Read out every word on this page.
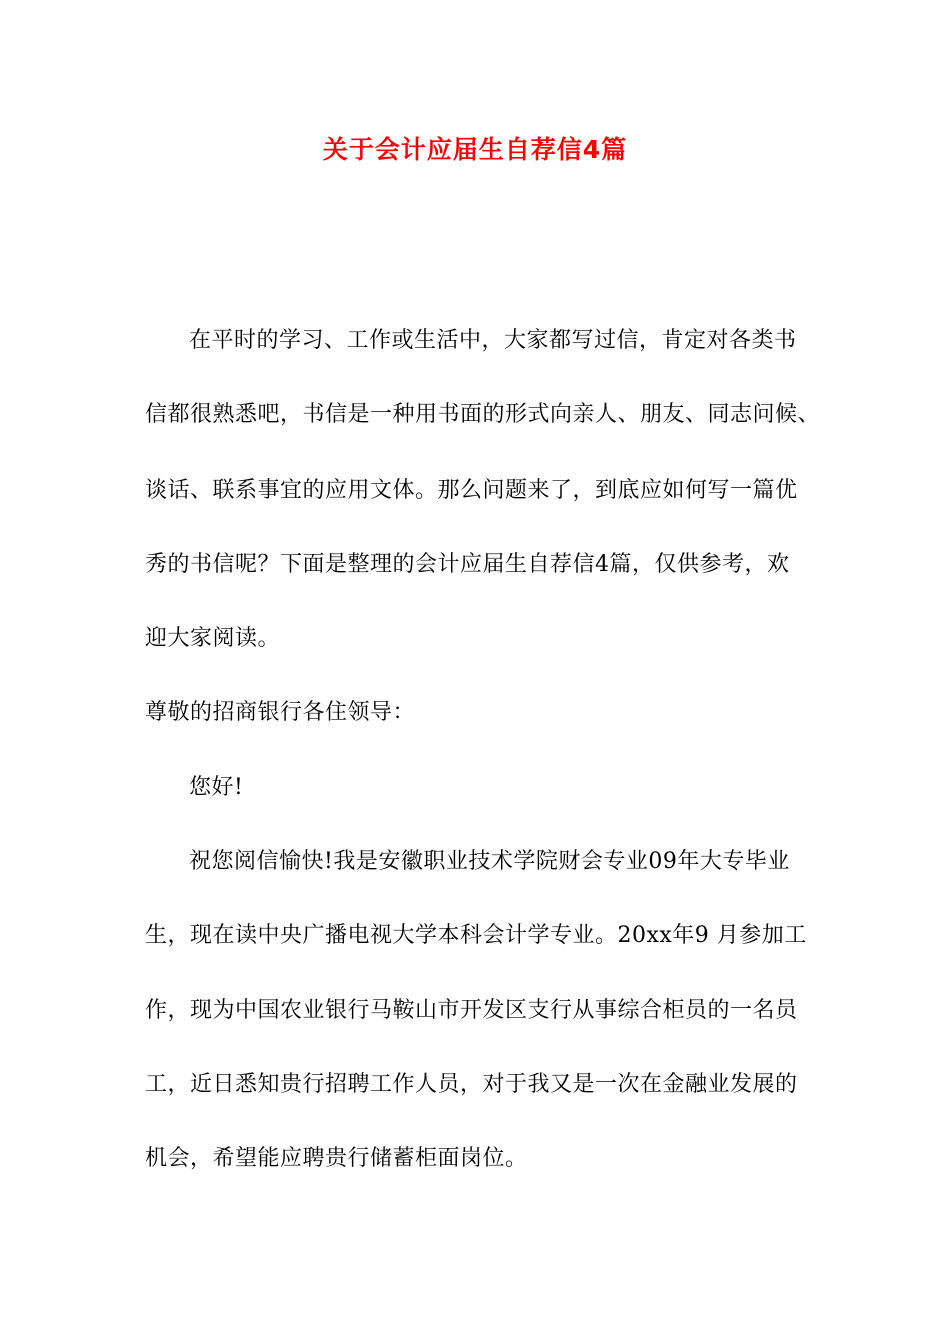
关于会计应届生自荐信4篇
在平时的学习、工作或生活中，大家都写过信，肯定对各类书
信都很熟悉吧，书信是一种用书面的形式向亲人、朋友、同志问候、
谈话、联系事宜的应用文体。那么问题来了，到底应如何写一篇优
秀的书信呢？下面是整理的会计应届生自荐信4篇，仅供参考，欢
迎大家阅读。
尊敬的招商银行各住领导：
您好!
祝您阅信愉快!我是安徽职业技术学院财会专业09年大专毕业
生，现在读中央广播电视大学本科会计学专业。20xx年9 月参加工
作，现为中国农业银行马鞍山市开发区支行从事综合柜员的一名员
工，近日悉知贵行招聘工作人员，对于我又是一次在金融业发展的
机会，希望能应聘贵行储蓄柜面岗位。
